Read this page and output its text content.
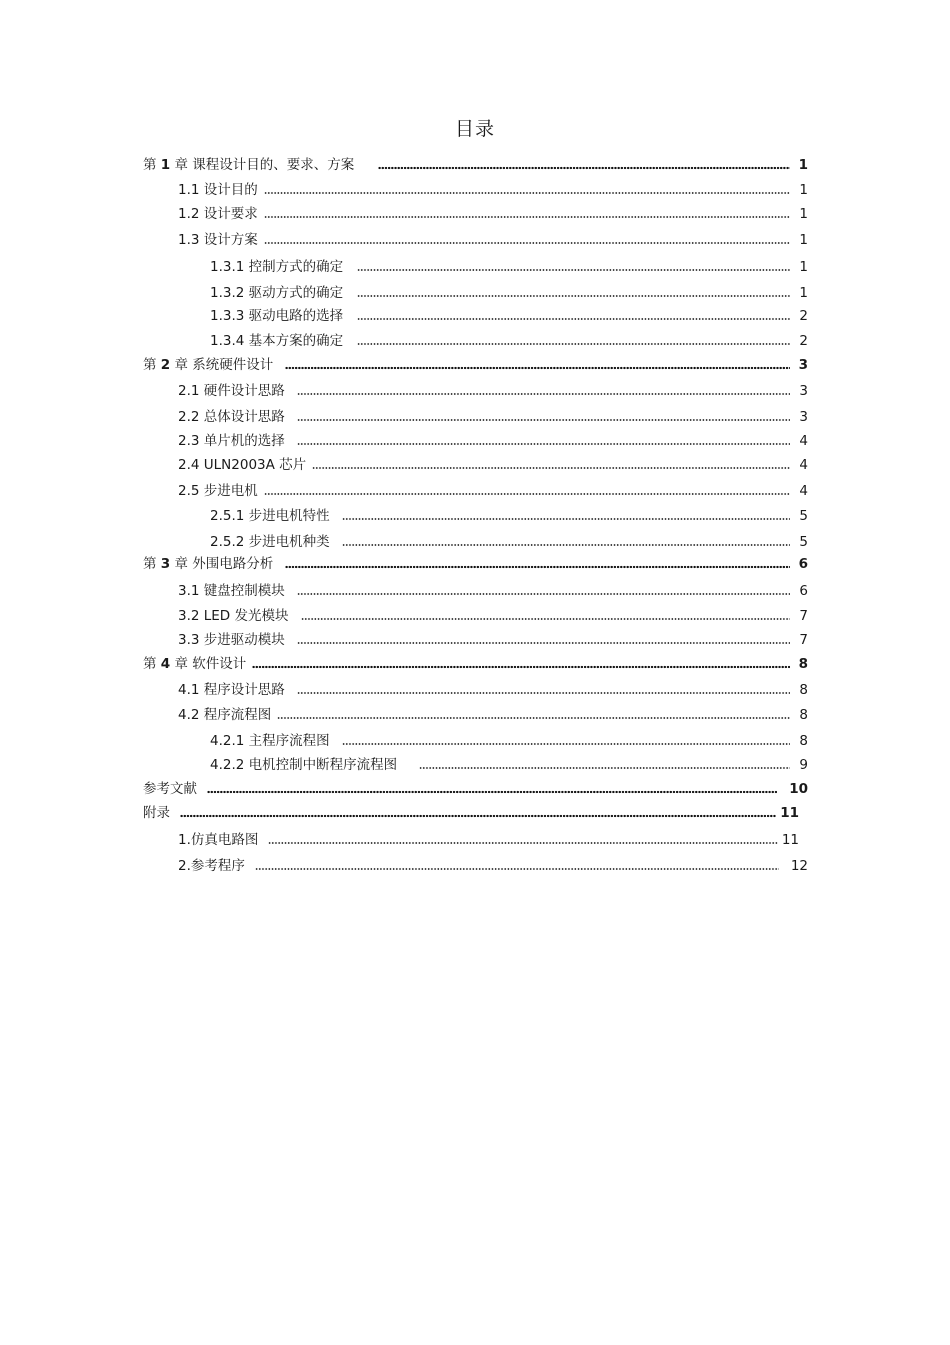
目录
第 1 章 课程设计目的、要求、方案	1
1.1 设计目的	1
1.2 设计要求	1
1.3 设计方案	1
1.3.1 控制方式的确定	1
1.3.2 驱动方式的确定	1
1.3.3 驱动电路的选择	2
1.3.4 基本方案的确定	2
第 2 章 系统硬件设计	3
2.1 硬件设计思路	3
2.2 总体设计思路	3
2.3 单片机的选择	4
2.4 ULN2003A 芯片	4
2.5 步进电机	4
2.5.1 步进电机特性	5
2.5.2 步进电机种类	5
第 3 章 外围电路分析	6
3.1 键盘控制模块	6
3.2 LED 发光模块	7
3.3 步进驱动模块	7
第 4 章 软件设计	8
4.1 程序设计思路	8
4.2 程序流程图	8
4.2.1 主程序流程图	8
4.2.2 电机控制中断程序流程图	9
参考文献	10
附录	11
1.仿真电路图	11
2.参考程序	12
